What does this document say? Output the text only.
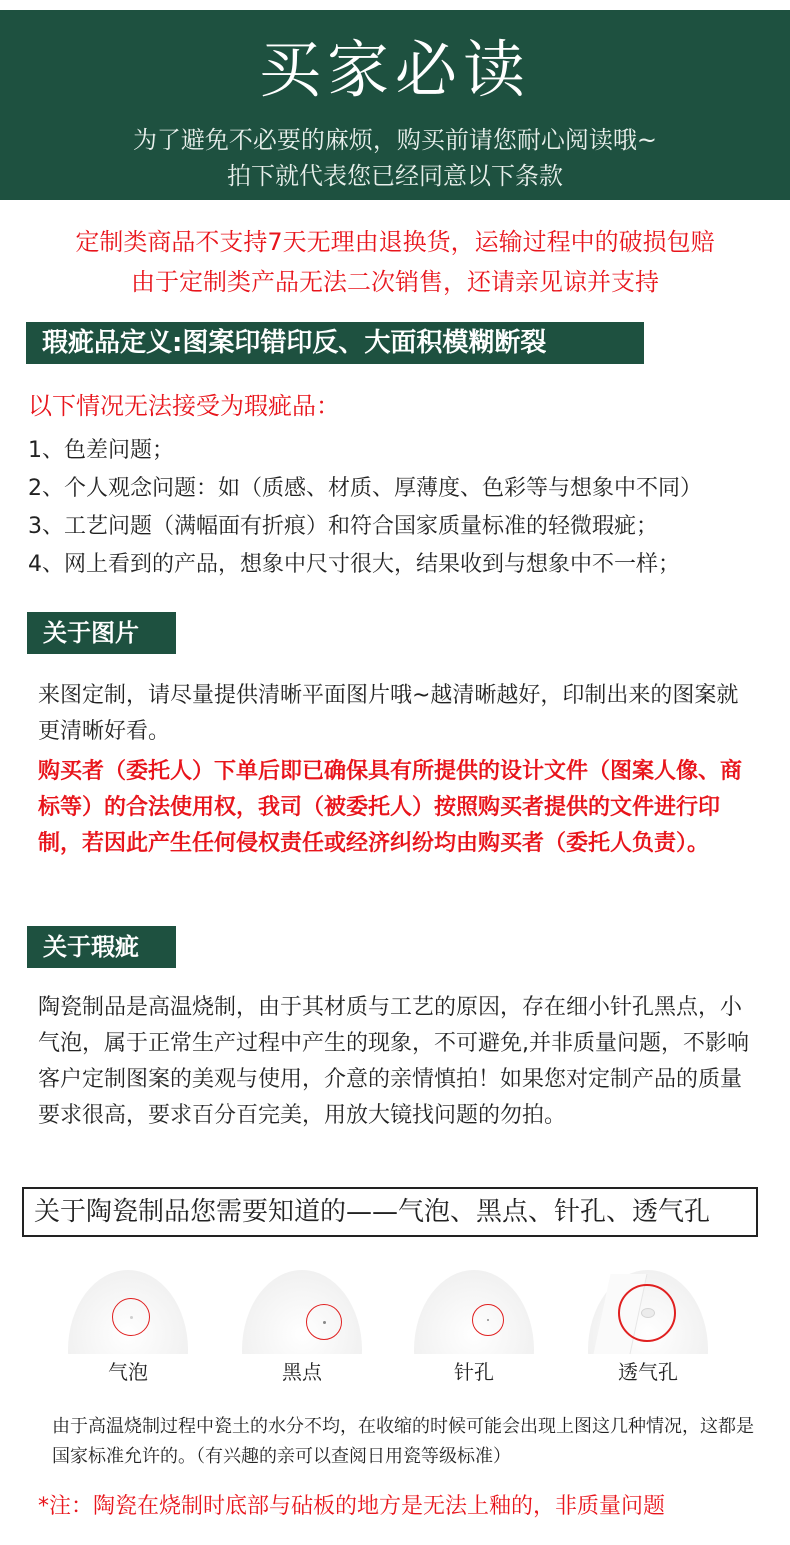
买家必读
为了避免不必要的麻烦，购买前请您耐心阅读哦~
拍下就代表您已经同意以下条款
定制类商品不支持7天无理由退换货，运输过程中的破损包赔
由于定制类产品无法二次销售，还请亲见谅并支持
瑕疵品定义:图案印错印反、大面积模糊断裂
以下情况无法接受为瑕疵品：
1、色差问题；
2、个人观念问题：如（质感、材质、厚薄度、色彩等与想象中不同）
3、工艺问题（满幅面有折痕）和符合国家质量标准的轻微瑕疵；
4、网上看到的产品，想象中尺寸很大，结果收到与想象中不一样；
关于图片

来图定制，请尽量提供清晰平面图片哦~越清晰越好，印制出来的图案就更清晰好看。

购买者（委托人）下单后即已确保具有所提供的设计文件（图案人像、商标等）的合法使用权，我司（被委托人）按照购买者提供的文件进行印制，若因此产生任何侵权责任或经济纠纷均由购买者（委托人负责）。

关于瑕疵

陶瓷制品是高温烧制，由于其材质与工艺的原因，存在细小针孔黑点，小气泡，属于正常生产过程中产生的现象，不可避免,并非质量问题，不影响客户定制图案的美观与使用，介意的亲情慎拍！如果您对定制产品的质量要求很高，要求百分百完美，用放大镜找问题的勿拍。

关于陶瓷制品您需要知道的——气泡、黑点、针孔、透气孔
气泡	黑点	针孔	透气孔
由于高温烧制过程中瓷土的水分不均，在收缩的时候可能会出现上图这几种情况，这都是国家标准允许的。（有兴趣的亲可以查阅日用瓷等级标准）
*注：陶瓷在烧制时底部与砧板的地方是无法上釉的，非质量问题
